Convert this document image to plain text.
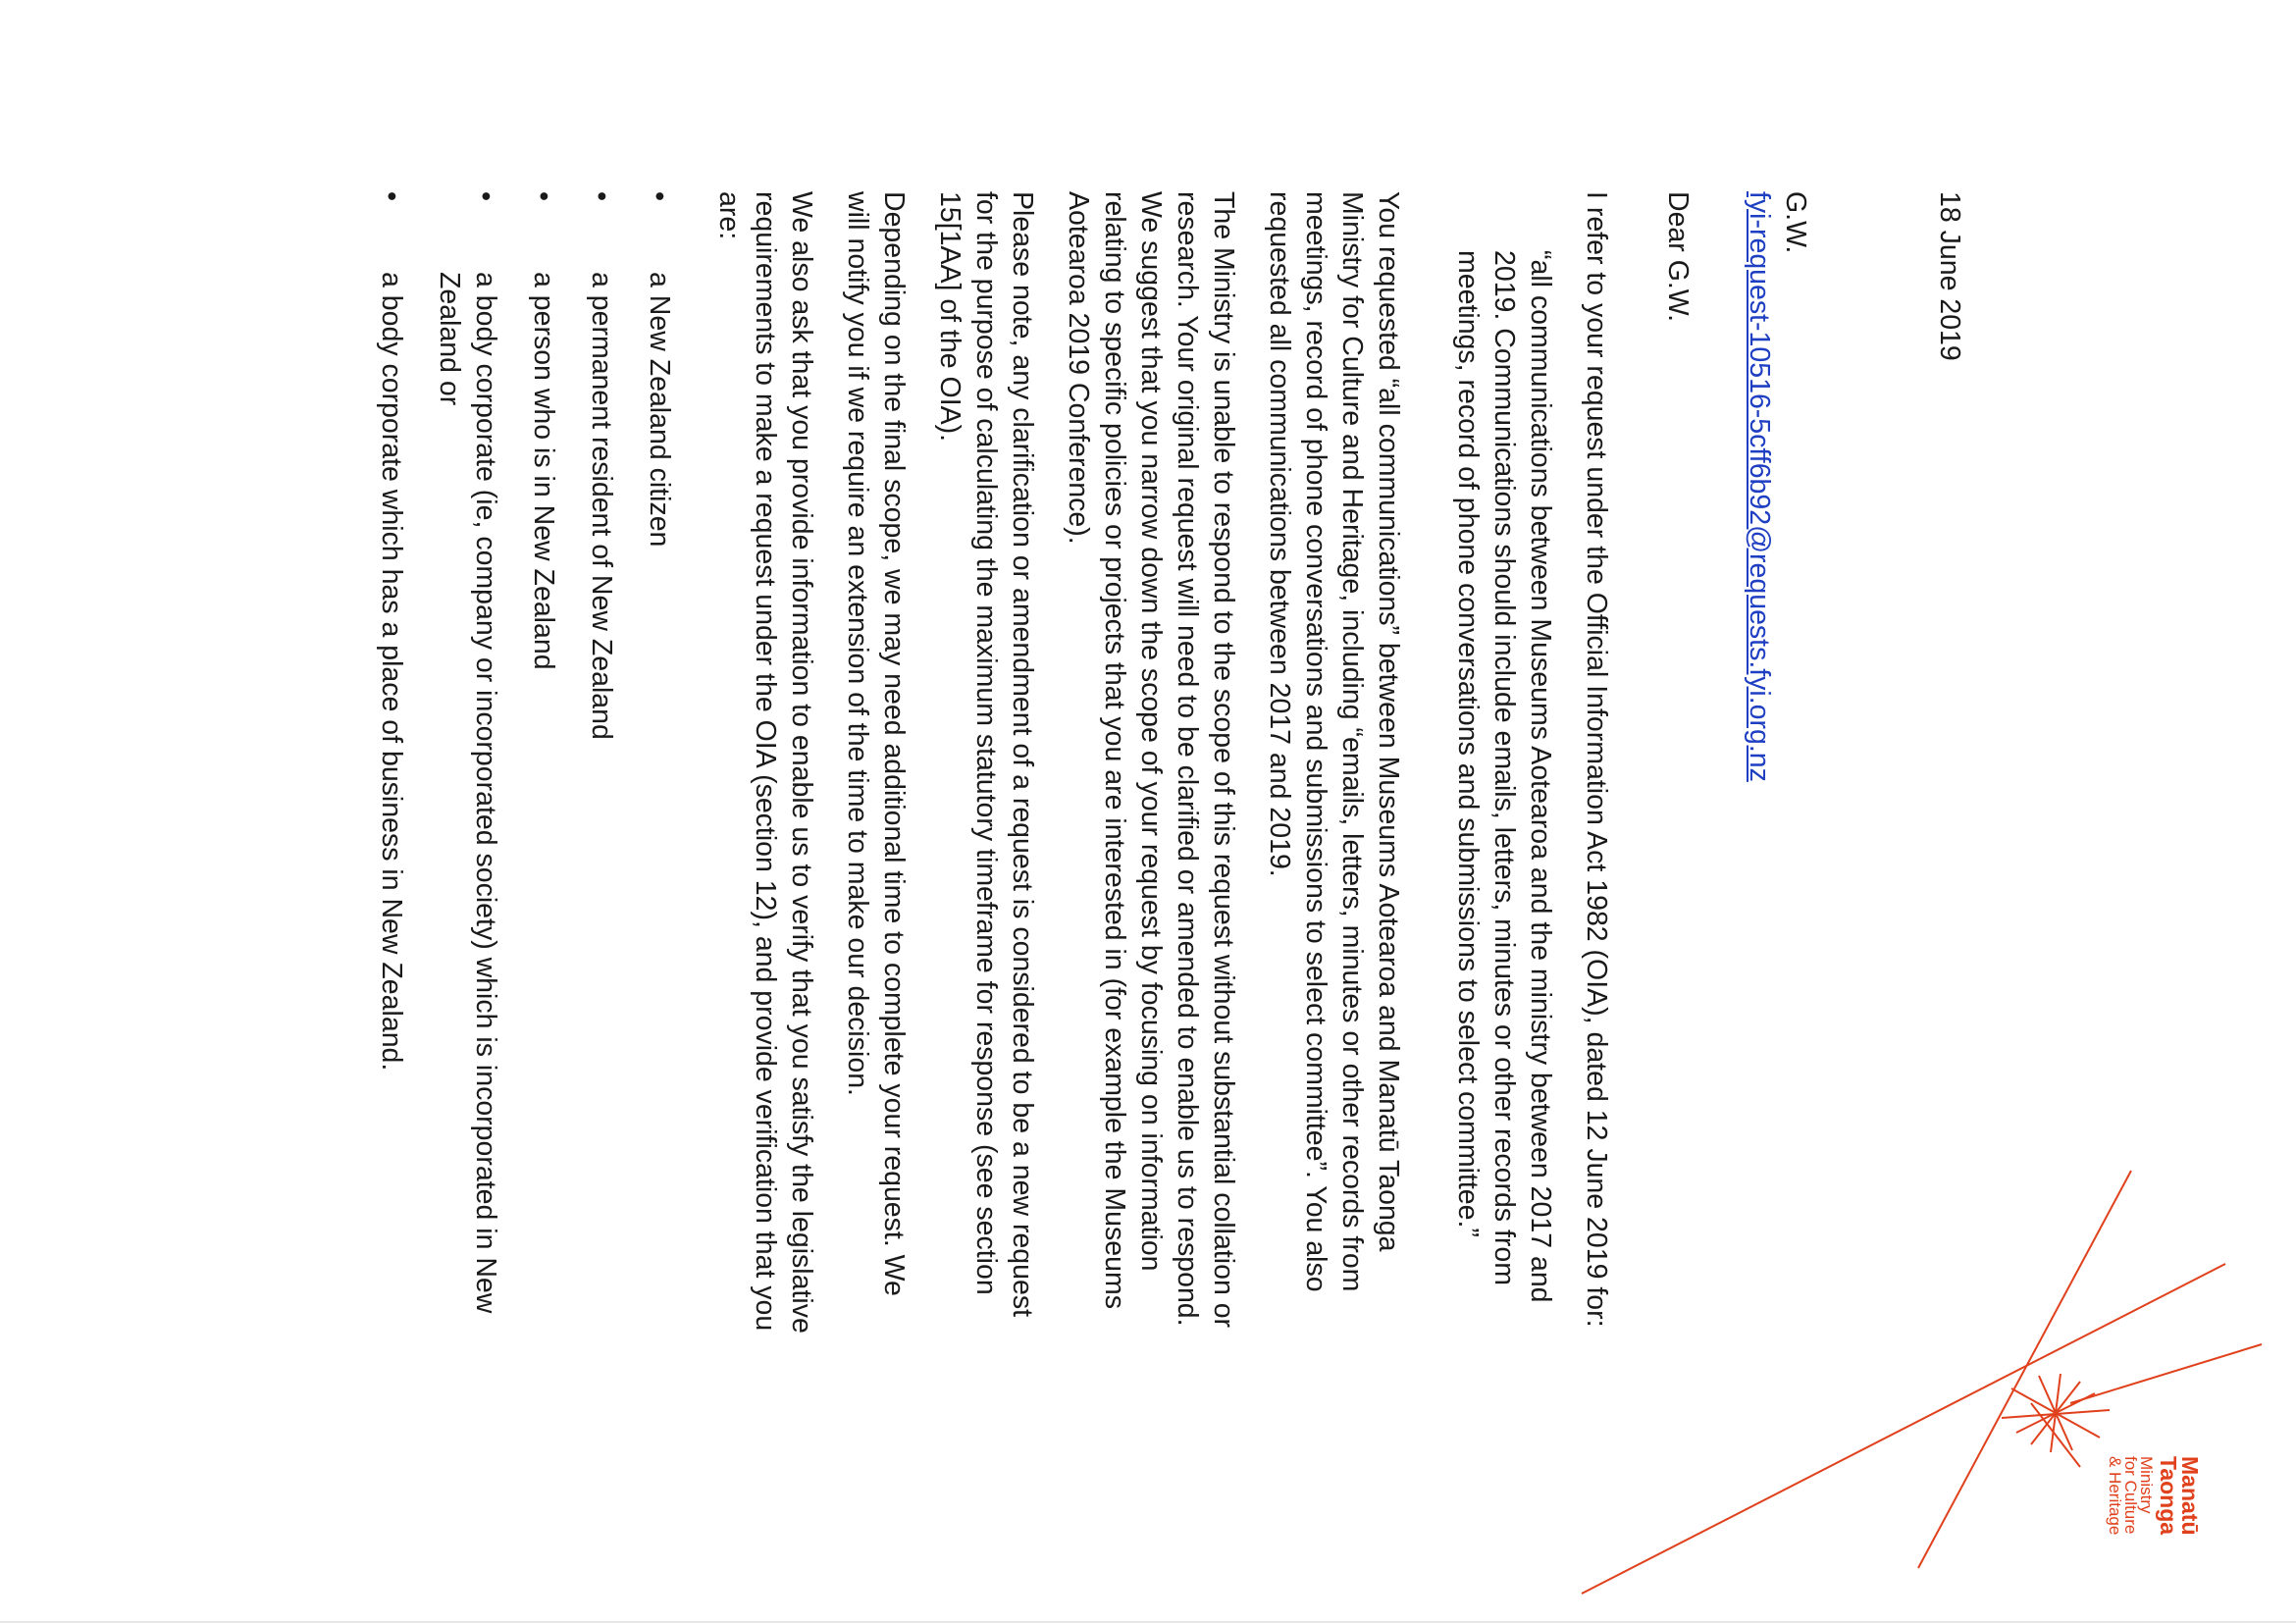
18 June 2019

G.W.

fyi-request-10516-5cff6b92@requests.fyi.org.nz

Dear G.W.

I refer to your request under the Official Information Act 1982 (OIA), dated 12 June 2019 for:

“all communications between Museums Aotearoa and the ministry between 2017 and 2019. Communications should include emails, letters, minutes or other records from meetings, record of phone conversations and submissions to select committee.”

You requested “all communications” between Museums Aotearoa and Manatū Taonga Ministry for Culture and Heritage, including “emails, letters, minutes or other records from meetings, record of phone conversations and submissions to select committee”. You also requested all communications between 2017 and 2019.

The Ministry is unable to respond to the scope of this request without substantial collation or research. Your original request will need to be clarified or amended to enable us to respond. We suggest that you narrow down the scope of your request by focusing on information relating to specific policies or projects that you are interested in (for example the Museums Aotearoa 2019 Conference).

Please note, any clarification or amendment of a request is considered to be a new request for the purpose of calculating the maximum statutory timeframe for response (see section 15[1AA] of the OIA).

Depending on the final scope, we may need additional time to complete your request. We will notify you if we require an extension of the time to make our decision.

We also ask that you provide information to enable us to verify that you satisfy the legislative requirements to make a request under the OIA (section 12), and provide verification that you are:

• a New Zealand citizen
• a permanent resident of New Zealand
• a person who is in New Zealand
• a body corporate (ie, company or incorporated society) which is incorporated in New Zealand or
• a body corporate which has a place of business in New Zealand.
Manatū
Taonga
Ministry
for Culture
& Heritage
